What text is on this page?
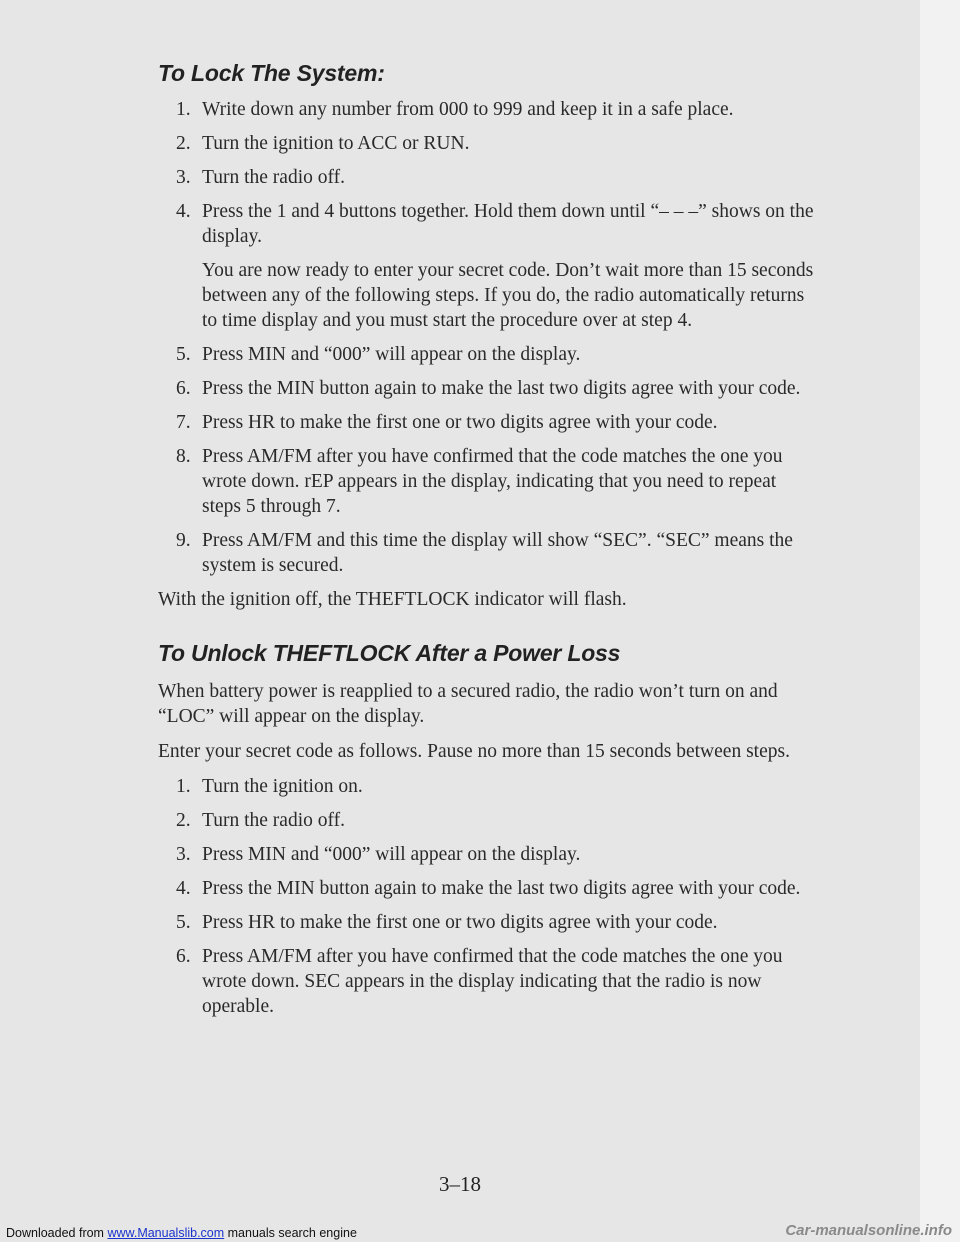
To Lock The System:
1. Write down any number from 000 to 999 and keep it in a safe place.
2. Turn the ignition to ACC or RUN.
3. Turn the radio off.
4. Press the 1 and 4 buttons together. Hold them down until “– – –” shows on the display.
You are now ready to enter your secret code. Don’t wait more than 15 seconds between any of the following steps. If you do, the radio automatically returns to time display and you must start the procedure over at step 4.
5. Press MIN and “000” will appear on the display.
6. Press the MIN button again to make the last two digits agree with your code.
7. Press HR to make the first one or two digits agree with your code.
8. Press AM/FM after you have confirmed that the code matches the one you wrote down. rEP appears in the display, indicating that you need to repeat steps 5 through 7.
9. Press AM/FM and this time the display will show “SEC”. “SEC” means the system is secured.

With the ignition off, the THEFTLOCK indicator will flash.

To Unlock THEFTLOCK After a Power Loss

When battery power is reapplied to a secured radio, the radio won’t turn on and “LOC” will appear on the display.

Enter your secret code as follows. Pause no more than 15 seconds between steps.

1. Turn the ignition on.
2. Turn the radio off.
3. Press MIN and “000” will appear on the display.
4. Press the MIN button again to make the last two digits agree with your code.
5. Press HR to make the first one or two digits agree with your code.
6. Press AM/FM after you have confirmed that the code matches the one you wrote down. SEC appears in the display indicating that the radio is now operable.
3–18
Downloaded from www.Manualslib.com manuals search engine	Car-manualsonline.info
